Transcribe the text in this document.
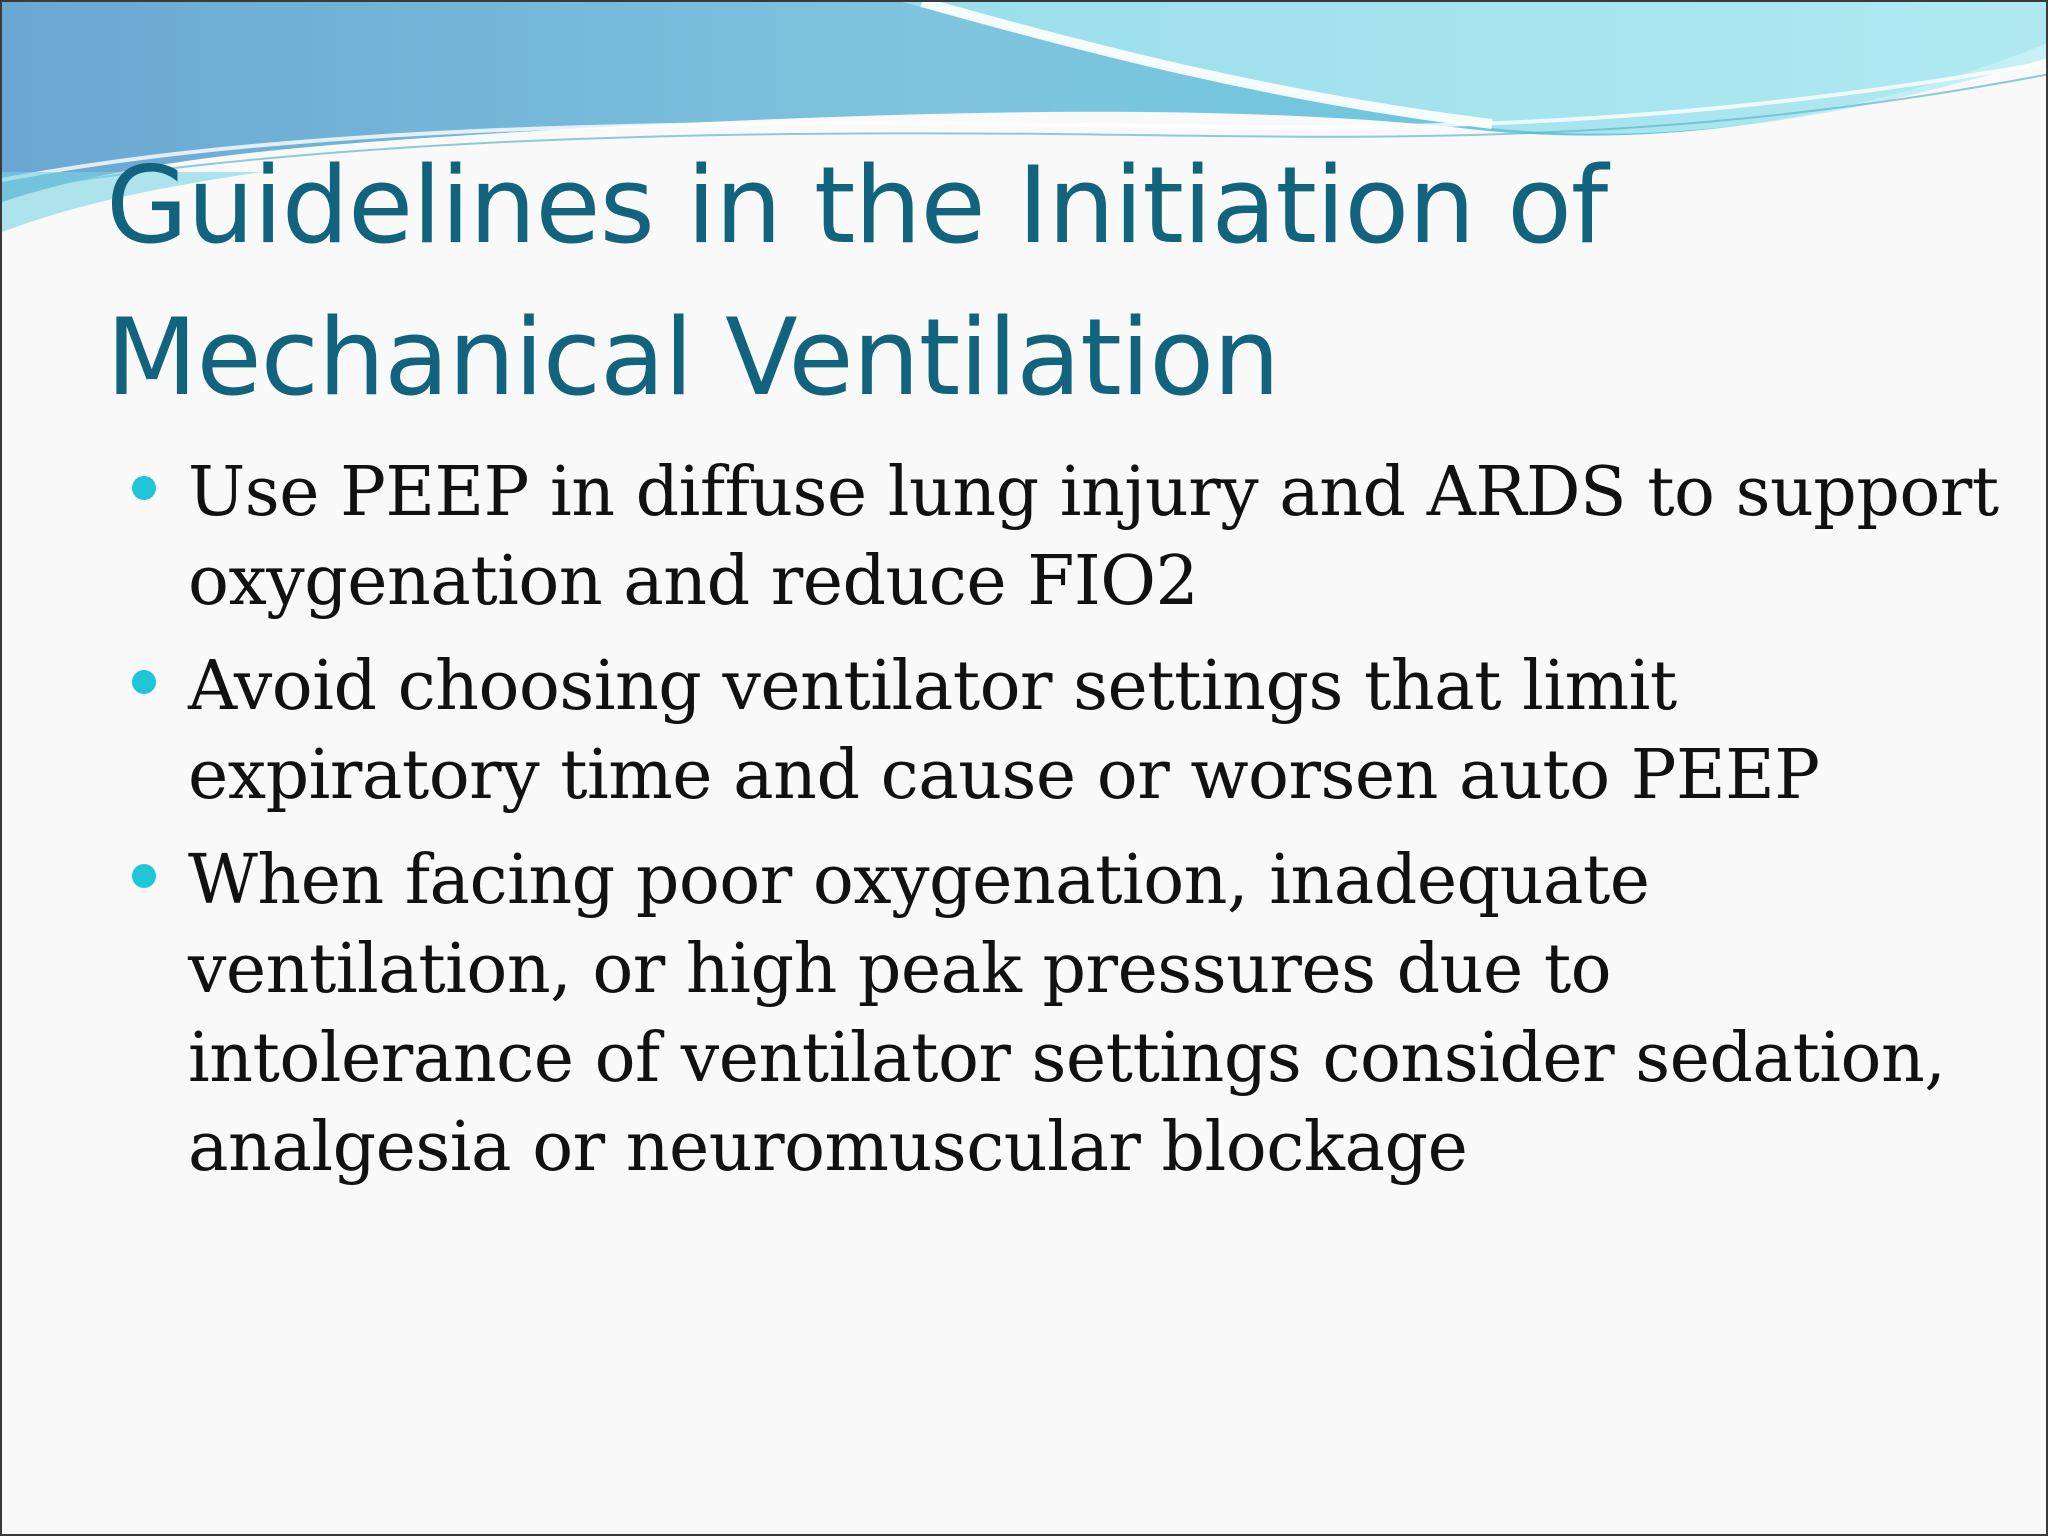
Guidelines in the Initiation of Mechanical Ventilation
Use PEEP in diffuse lung injury and ARDS to support oxygenation and reduce FIO2
Avoid choosing ventilator settings that limit expiratory time and cause or worsen auto PEEP
When facing poor oxygenation, inadequate ventilation, or high peak pressures due to intolerance of ventilator settings consider sedation, analgesia or neuromuscular blockage
